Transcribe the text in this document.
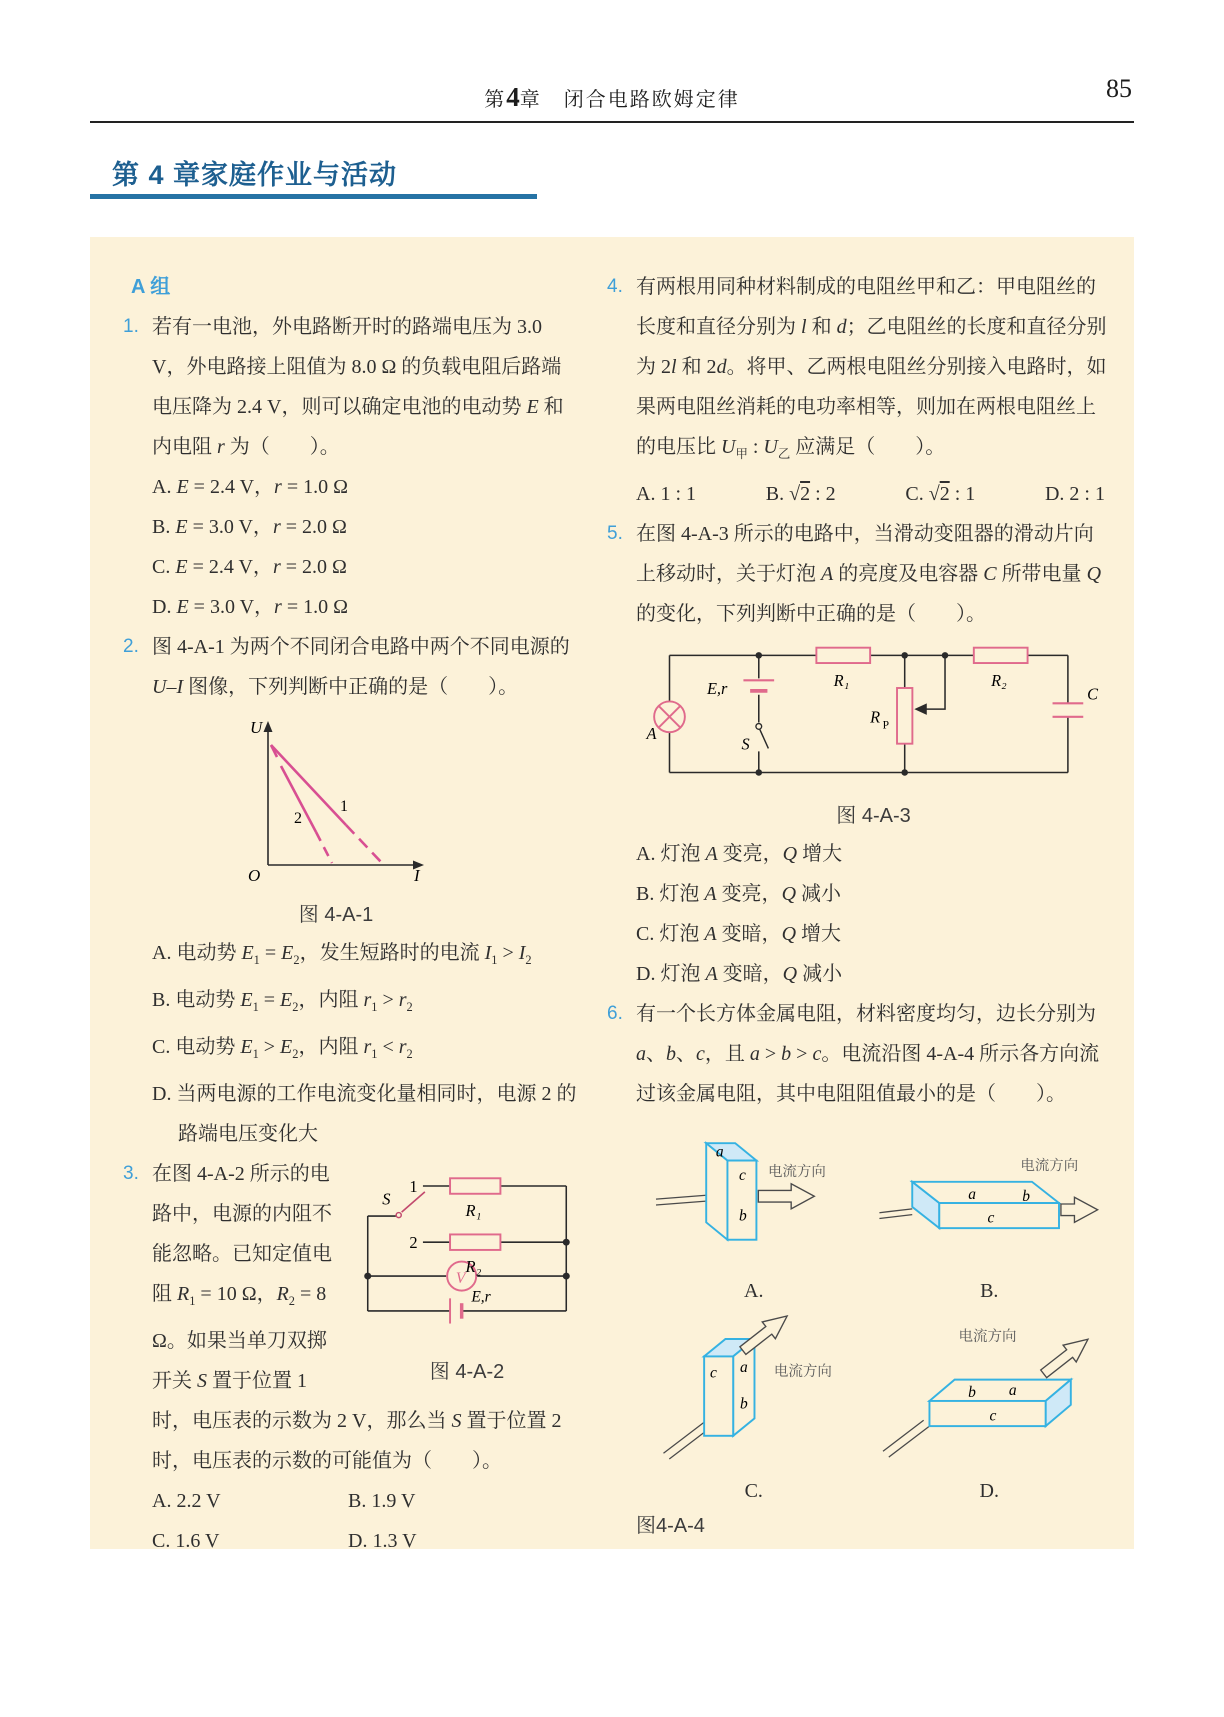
第4章　闭合电路欧姆定律	85
第 4 章家庭作业与活动
A 组
1. 若有一电池，外电路断开时的路端电压为 3.0 V，外电路接上阻值为 8.0 Ω 的负载电阻后路端电压降为 2.4 V，则可以确定电池的电动势 E 和内电阻 r 为（　　）。
A. E = 2.4 V，r = 1.0 Ω
B. E = 3.0 V，r = 2.0 Ω
C. E = 2.4 V，r = 2.0 Ω
D. E = 3.0 V，r = 1.0 Ω
2. 图 4-A-1 为两个不同闭合电路中两个不同电源的 U–I 图像，下列判断中正确的是（　　）。
U
I
O
1
2
图 4-A-1
A. 电动势 $E_1 = E_2$，发生短路时的电流 $I_1 > I_2$
B. 电动势 $E_1 = E_2$，内阻 $r_1 > r_2$
C. 电动势 $E_1 > E_2$，内阻 $r_1 < r_2$
D. 当两电源的工作电流变化量相同时，电源 2 的路端电压变化大
3.
S
1
2
R₁
R₂
V
E,r
图 4-A-2
在图 4-A-2 所示的电路中，电源的内阻不能忽略。已知定值电阻 $R_1 = 10$ Ω，$R_2 = 8$ Ω。如果当单刀双掷开关 S 置于位置 1 时，电压表的示数为 2 V，那么当 S 置于位置 2 时，电压表的示数的可能值为（　　）。
A. 2.2 V	B. 1.9 V
C. 1.6 V	D. 1.3 V
4. 有两根用同种材料制成的电阻丝甲和乙：甲电阻丝的长度和直径分别为 l 和 d；乙电阻丝的长度和直径分别为 2l 和 2d。将甲、乙两根电阻丝分别接入电路时，如果两电阻丝消耗的电功率相等，则加在两根电阻丝上的电压比 $U_甲$ : $U_乙$ 应满足（　　）。
A. 1 : 1	B. √2 : 2	C. √2 : 1	D. 2 : 1
5. 在图 4-A-3 所示的电路中，当滑动变阻器的滑动片向上移动时，关于灯泡 A 的亮度及电容器 C 所带电量 Q 的变化，下列判断中正确的是（　　）。
A
E,r
S
R₁
R P
R₂
C
图 4-A-3
A. 灯泡 A 变亮，Q 增大
B. 灯泡 A 变亮，Q 减小
C. 灯泡 A 变暗，Q 增大
D. 灯泡 A 变暗，Q 减小
6. 有一个长方体金属电阻，材料密度均匀，边长分别为 a、b、c，且 a > b > c。电流沿图 4-A-4 所示各方向流过该金属电阻，其中电阻阻值最小的是（　　）。
a
c
b
电流方向
A.
a	b
c
电流方向
B.
c a
b
电流方向
C.
b a
c
电流方向
D.
图4-A-4
